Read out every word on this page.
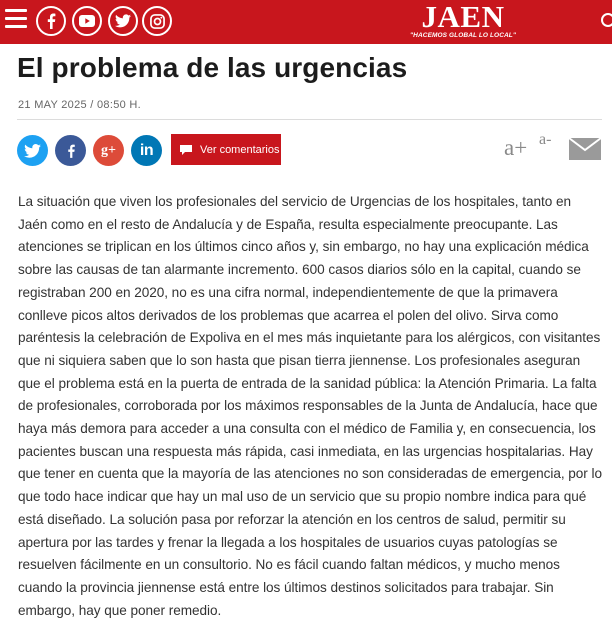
JAEN
"HACEMOS GLOBAL LO LOCAL"
El problema de las urgencias
21 MAY 2025 / 08:50 H.
g+ in	Ver comentarios	a+ a-

La situación que viven los profesionales del servicio de Urgencias de los hospitales, tanto en Jaén como en el resto de Andalucía y de España, resulta especialmente preocupante. Las atenciones se triplican en los últimos cinco años y, sin embargo, no hay una explicación médica sobre las causas de tan alarmante incremento. 600 casos diarios sólo en la capital, cuando se registraban 200 en 2020, no es una cifra normal, independientemente de que la primavera conlleve picos altos derivados de los problemas que acarrea el polen del olivo. Sirva como paréntesis la celebración de Expoliva en el mes más inquietante para los alérgicos, con visitantes que ni siquiera saben que lo son hasta que pisan tierra jiennense. Los profesionales aseguran que el problema está en la puerta de entrada de la sanidad pública: la Atención Primaria. La falta de profesionales, corroborada por los máximos responsables de la Junta de Andalucía, hace que haya más demora para acceder a una consulta con el médico de Familia y, en consecuencia, los pacientes buscan una respuesta más rápida, casi inmediata, en las urgencias hospitalarias. Hay que tener en cuenta que la mayoría de las atenciones no son consideradas de emergencia, por lo que todo hace indicar que hay un mal uso de un servicio que su propio nombre indica para qué está diseñado. La solución pasa por reforzar la atención en los centros de salud, permitir su apertura por las tardes y frenar la llegada a los hospitales de usuarios cuyas patologías se resuelven fácilmente en un consultorio. No es fácil cuando faltan médicos, y mucho menos cuando la provincia jiennense está entre los últimos destinos solicitados para trabajar. Sin embargo, hay que poner remedio.
